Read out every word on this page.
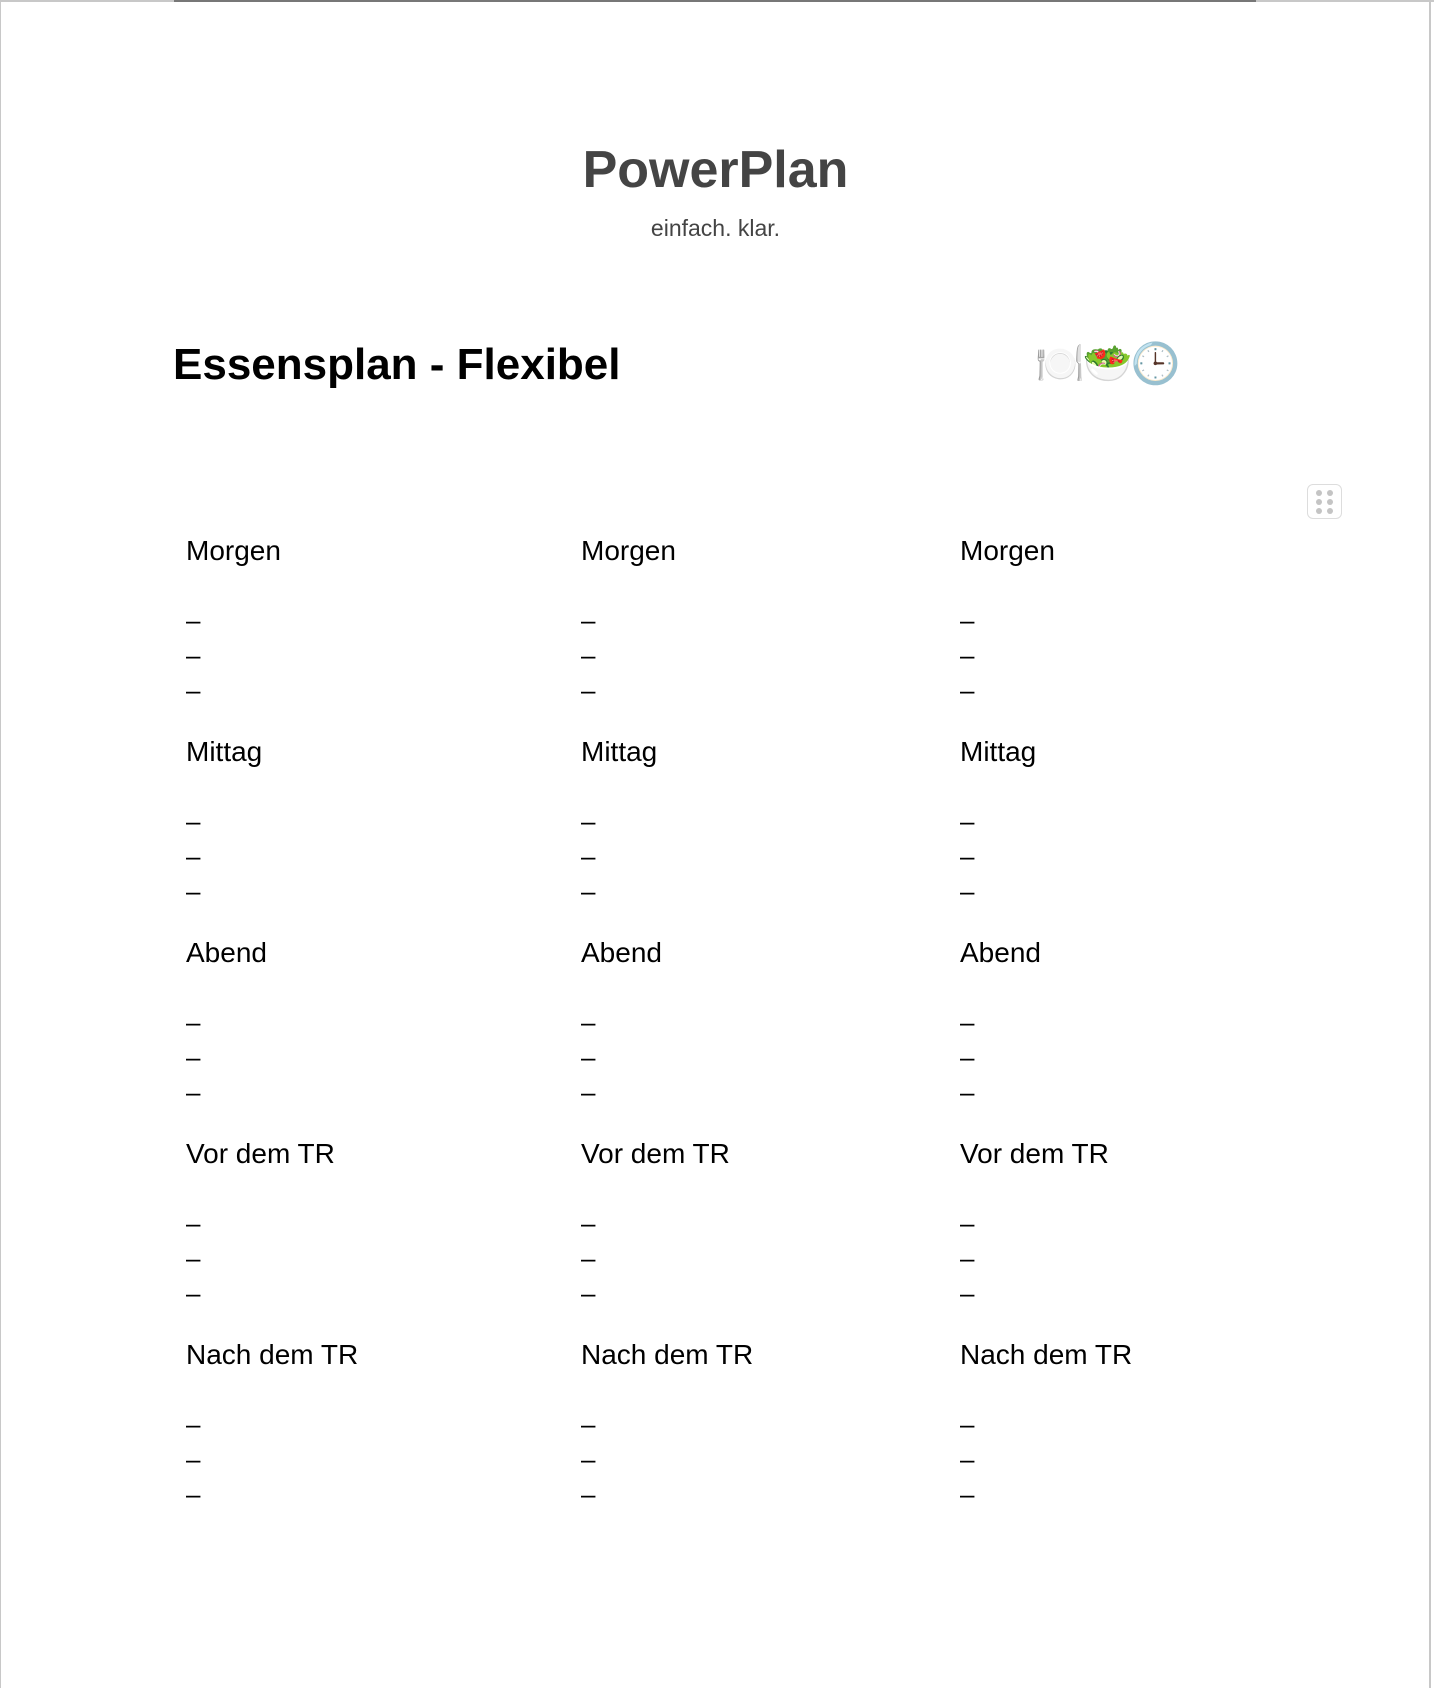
PowerPlan
einfach. klar.
Essensplan - Flexibel	🍽️🥗🕒
Morgen
–
–
–
Mittag
–
–
–
Abend
–
–
–
Vor dem TR
–
–
–
Nach dem TR
–
–
–
Morgen
–
–
–
Mittag
–
–
–
Abend
–
–
–
Vor dem TR
–
–
–
Nach dem TR
–
–
–
Morgen
–
–
–
Mittag
–
–
–
Abend
–
–
–
Vor dem TR
–
–
–
Nach dem TR
–
–
–
